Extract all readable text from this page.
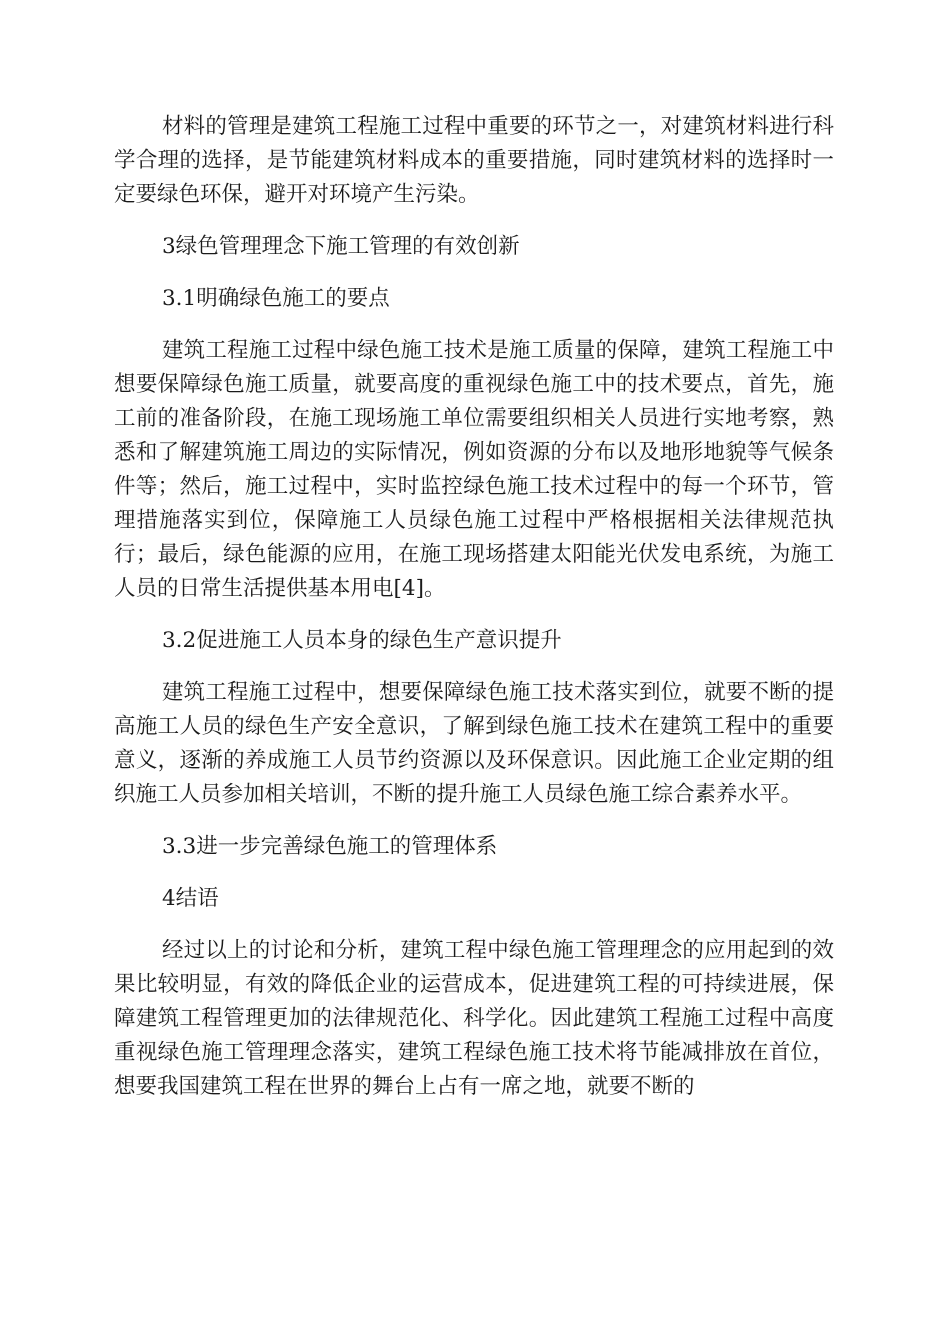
材料的管理是建筑工程施工过程中重要的环节之一，对建筑材料进行科学合理的选择，是节能建筑材料成本的重要措施，同时建筑材料的选择时一定要绿色环保，避开对环境产生污染。

3绿色管理理念下施工管理的有效创新

3.1明确绿色施工的要点

建筑工程施工过程中绿色施工技术是施工质量的保障，建筑工程施工中想要保障绿色施工质量，就要高度的重视绿色施工中的技术要点，首先，施工前的准备阶段，在施工现场施工单位需要组织相关人员进行实地考察，熟悉和了解建筑施工周边的实际情况，例如资源的分布以及地形地貌等气候条件等；然后，施工过程中，实时监控绿色施工技术过程中的每一个环节，管理措施落实到位，保障施工人员绿色施工过程中严格根据相关法律规范执行；最后，绿色能源的应用，在施工现场搭建太阳能光伏发电系统，为施工人员的日常生活提供基本用电[4]。

3.2促进施工人员本身的绿色生产意识提升

建筑工程施工过程中，想要保障绿色施工技术落实到位，就要不断的提高施工人员的绿色生产安全意识，了解到绿色施工技术在建筑工程中的重要意义，逐渐的养成施工人员节约资源以及环保意识。因此施工企业定期的组织施工人员参加相关培训，不断的提升施工人员绿色施工综合素养水平。

3.3进一步完善绿色施工的管理体系

4结语

经过以上的讨论和分析，建筑工程中绿色施工管理理念的应用起到的效果比较明显，有效的降低企业的运营成本，促进建筑工程的可持续进展，保障建筑工程管理更加的法律规范化、科学化。因此建筑工程施工过程中高度重视绿色施工管理理念落实，建筑工程绿色施工技术将节能减排放在首位，想要我国建筑工程在世界的舞台上占有一席之地，就要不断的
